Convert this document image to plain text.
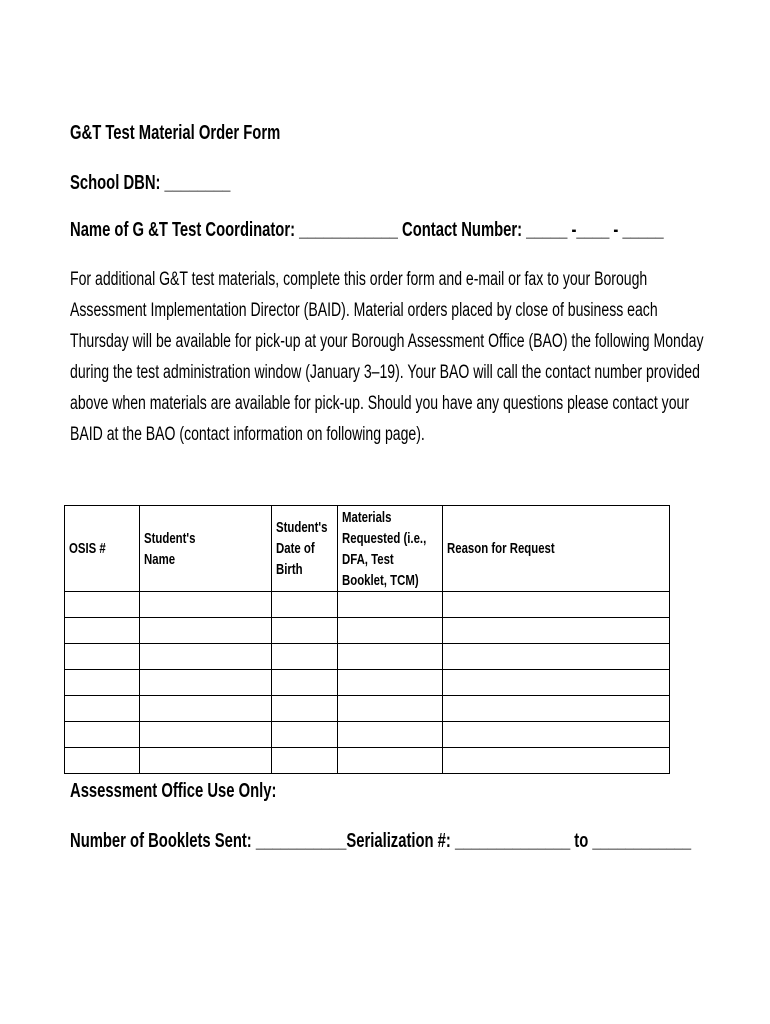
G&T Test Material Order Form
School DBN: ________
Name of G &T Test Coordinator: ____________ Contact Number: _____ -____ - _____
For additional G&T test materials, complete this order form and e-mail or fax to your Borough
Assessment Implementation Director (BAID). Material orders placed by close of business each
Thursday will be available for pick-up at your Borough Assessment Office (BAO) the following Monday
during the test administration window (January 3–19). Your BAO will call the contact number provided
above when materials are available for pick-up. Should you have any questions please contact your
BAID at the BAO (contact information on following page).
OSIS #	Student's Name	Student's Date of Birth	Materials Requested (i.e., DFA, Test Booklet, TCM)	Reason for Request

Assessment Office Use Only:
Number of Booklets Sent: ___________Serialization #: ______________ to ____________
